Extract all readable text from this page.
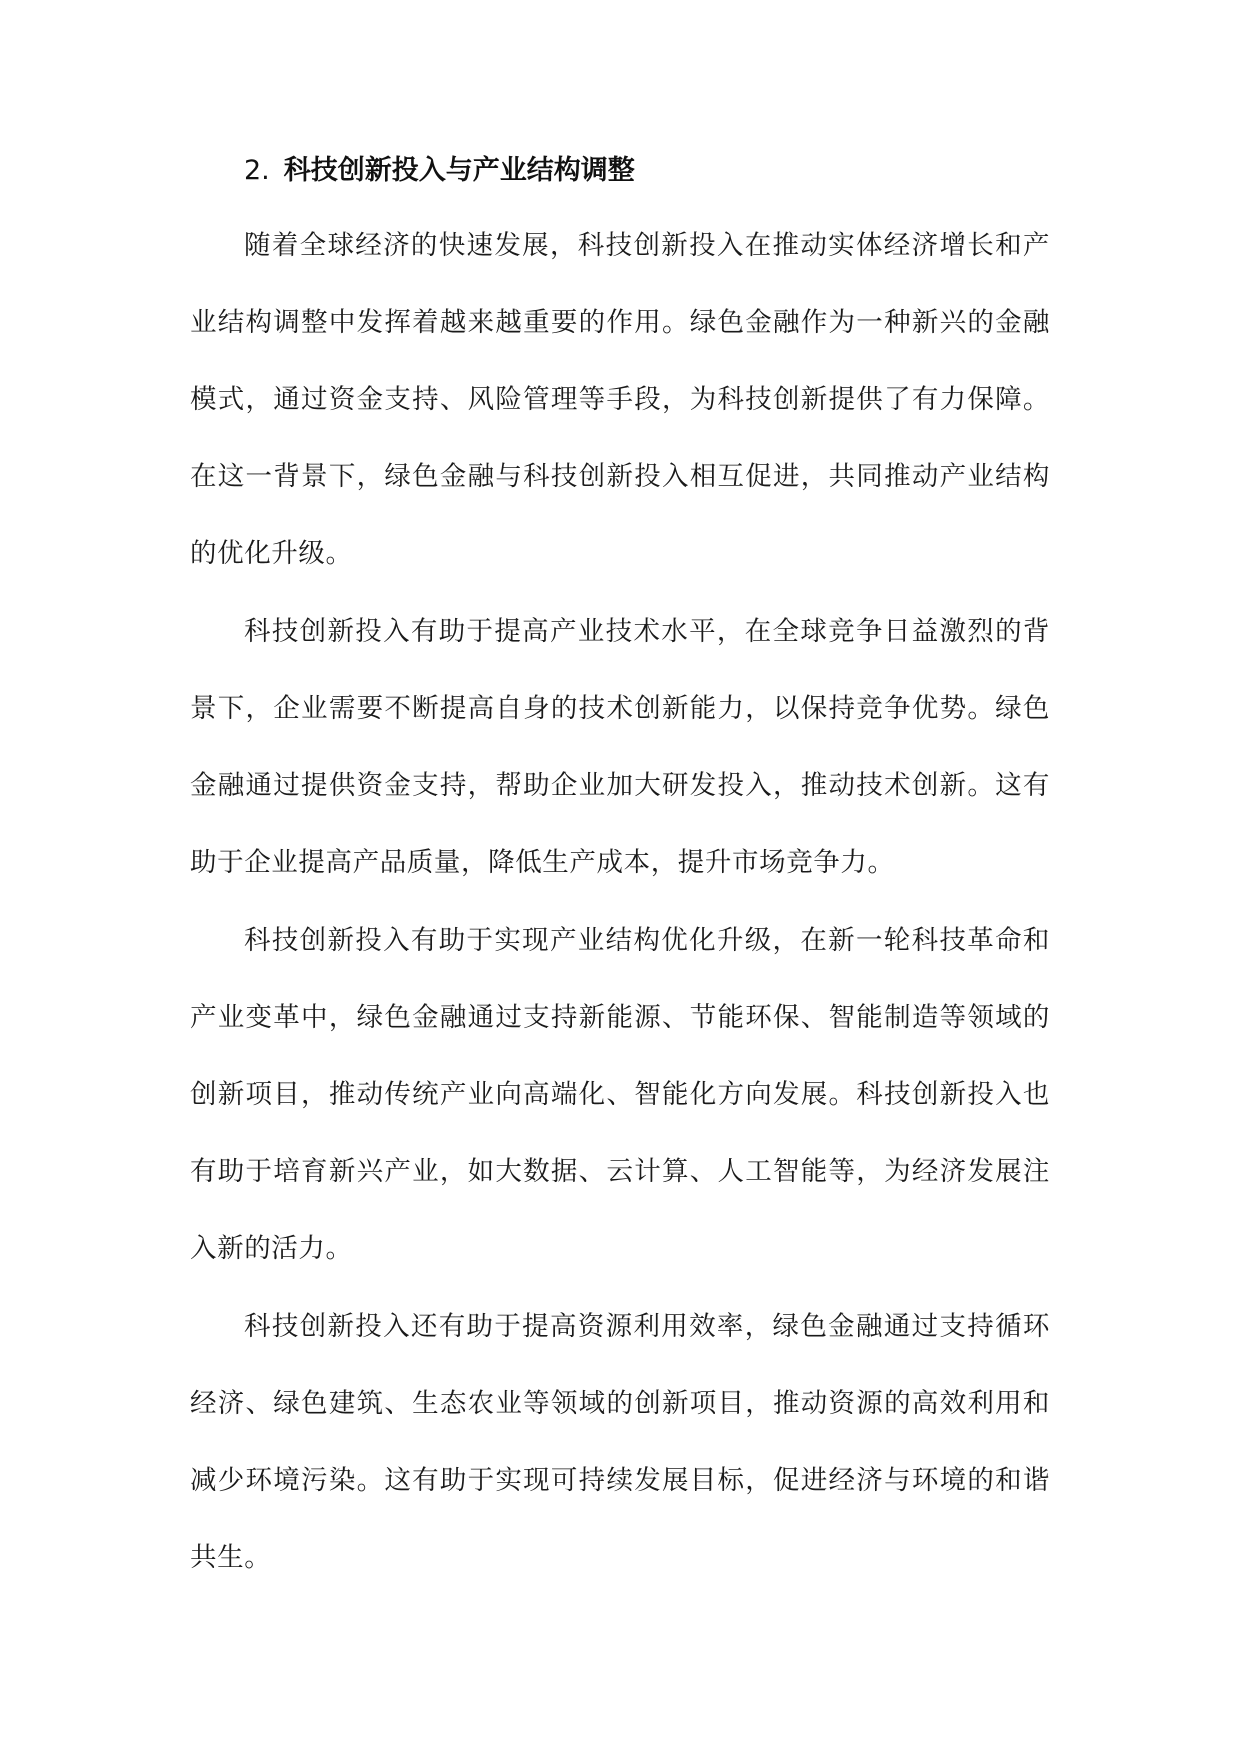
2. 科技创新投入与产业结构调整

随着全球经济的快速发展，科技创新投入在推动实体经济增长和产业结构调整中发挥着越来越重要的作用。绿色金融作为一种新兴的金融模式，通过资金支持、风险管理等手段，为科技创新提供了有力保障。在这一背景下，绿色金融与科技创新投入相互促进，共同推动产业结构的优化升级。

科技创新投入有助于提高产业技术水平，在全球竞争日益激烈的背景下，企业需要不断提高自身的技术创新能力，以保持竞争优势。绿色金融通过提供资金支持，帮助企业加大研发投入，推动技术创新。这有助于企业提高产品质量，降低生产成本，提升市场竞争力。

科技创新投入有助于实现产业结构优化升级，在新一轮科技革命和产业变革中，绿色金融通过支持新能源、节能环保、智能制造等领域的创新项目，推动传统产业向高端化、智能化方向发展。科技创新投入也有助于培育新兴产业，如大数据、云计算、人工智能等，为经济发展注入新的活力。

科技创新投入还有助于提高资源利用效率，绿色金融通过支持循环经济、绿色建筑、生态农业等领域的创新项目，推动资源的高效利用和减少环境污染。这有助于实现可持续发展目标，促进经济与环境的和谐共生。
